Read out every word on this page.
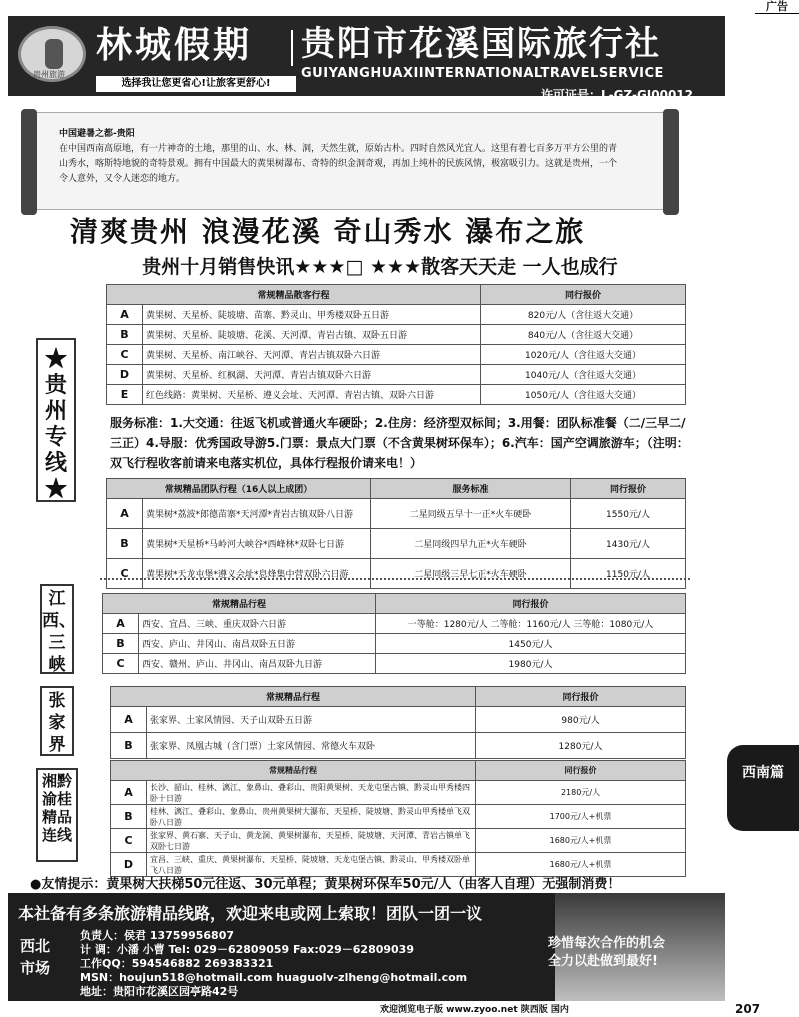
广告
贵州旅游
林城假期 贵阳市花溪国际旅行社
GUIYANGHUAXIINTERNATIONALTRAVELSERVICE
选择我让您更省心!让旅客更舒心!
许可证号：L-GZ-GJ00012
中国避暑之都-贵阳
在中国西南高原地，有一片神奇的土地，那里的山、水、林、洞，天然生就，原始古朴。四时自然风光宜人。这里有着七百多万平方公里的青山秀水，喀斯特地貌的奇特景观。拥有中国最大的黄果树瀑布、奇特的织金洞奇观，再加上纯朴的民族风情，极富吸引力。这就是贵州，一个令人意外，又令人迷恋的地方。
清爽贵州 浪漫花溪 奇山秀水 瀑布之旅
贵州十月销售快讯★★★□ ★★★散客天天走 一人也成行
★贵州专线★
常规精品散客行程		同行报价
A	黄果树、天星桥、陡坡塘、苗寨、黔灵山、甲秀楼双卧五日游	820元/人（含往返大交通）
B	黄果树、天星桥、陡坡塘、花溪、天河潭、青岩古镇、双卧五日游	840元/人（含往返大交通）
C	黄果树、天星桥、南江峡谷、天河潭、青岩古镇双卧六日游	1020元/人（含往返大交通）
D	黄果树、天星桥、红枫湖、天河潭、青岩古镇双卧六日游	1040元/人（含往返大交通）
E	红色线路：黄果树、天星桥、遵义会址、天河潭、青岩古镇、双卧六日游	1050元/人（含往返大交通）
服务标准：1.大交通：往返飞机或普通火车硬卧；2.住房：经济型双标间；3.用餐：团队标准餐（二/三早二/三正）4.导服：优秀国政导游5.门票：景点大门票（不含黄果树环保车）；6.汽车：国产空调旅游车；（注明：双飞行程收客前请来电落实机位，具体行程报价请来电！）
常规精品团队行程（16人以上成团）		服务标准	同行报价
A	黄果树*荔波*郎德苗寨*天河潭*青岩古镇双卧八日游	二星同级五早十一正*火车硬卧	1550元/人
B	黄果树*天星桥*马岭河大峡谷*西峰林*双卧七日游	二星同级四早九正*火车硬卧	1430元/人
C	黄果树*天龙屯堡*遵义会址*息烽集中营双卧六日游	二星同级三早七正*火车硬卧	1150元/人
江西、三峡
常规精品行程		同行报价
A	西安、宜昌、三峡、重庆双卧六日游	一等舱：1280元/人 二等舱：1160元/人 三等舱：1080元/人
B	西安、庐山、井冈山、南昌双卧五日游	1450元/人
C	西安、赣州、庐山、井冈山、南昌双卧九日游	1980元/人
张家界
常规精品行程		同行报价
A	张家界、土家风情园、天子山双卧五日游	980元/人
B	张家界、凤凰古城（含门票）土家风情园、常德火车双卧	1280元/人
湘黔渝桂精品连线
常规精品行程		同行报价
A	长沙、韶山、桂林、漓江、象鼻山、叠彩山、贵阳黄果树、天龙屯堡古镇、黔灵山甲秀楼四卧十日游	2180元/人
B	桂林、漓江、叠彩山、象鼻山、贵州黄果树大瀑布、天星桥、陡坡塘、黔灵山甲秀楼单飞双卧八日游	1700元/人+机票
C	张家界、黄石寨、天子山、黄龙洞、黄果树瀑布、天星桥、陡坡塘、天河潭、青岩古镇单飞双卧七日游	1680元/人+机票
D	宜昌、三峡、重庆、黄果树瀑布、天星桥、陡坡塘、天龙屯堡古镇、黔灵山、甲秀楼双卧单飞八日游	1680元/人+机票
西南篇
●友情提示：黄果树大扶梯50元往返、30元单程；黄果树环保车50元/人（由客人自理）无强制消费！
本社备有多条旅游精品线路，欢迎来电或网上索取！团队一团一议
西北市场
负责人：侯君 13759956807
计 调：小潘 小曹 Tel: 029－62809059 Fax:029－62809039
工作QQ：594546882 269383321
MSN：houjun518@hotmail.com huaguolv-zlheng@hotmail.com
地址：贵阳市花溪区园亭路42号
珍惜每次合作的机会
全力以赴做到最好!
欢迎浏览电子版 www.zyoo.net 陕西版 国内	207
